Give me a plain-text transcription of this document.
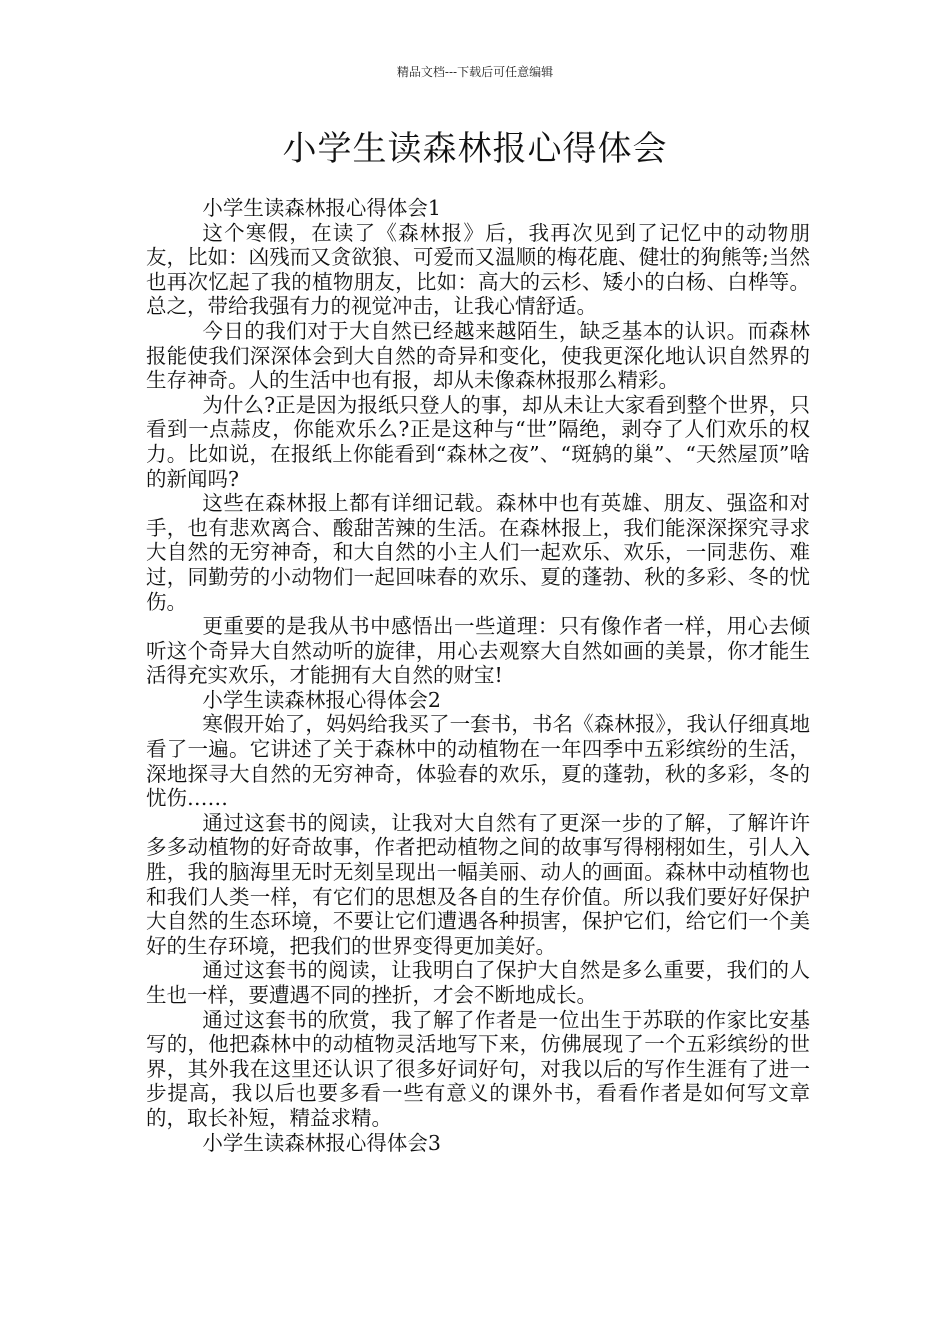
精品文档---下载后可任意编辑
小学生读森林报心得体会

小学生读森林报心得体会1

这个寒假，在读了《森林报》后，我再次见到了记忆中的动物朋友，比如：凶残而又贪欲狼、可爱而又温顺的梅花鹿、健壮的狗熊等;当然也再次忆起了我的植物朋友，比如：高大的云杉、矮小的白杨、白桦等。总之，带给我强有力的视觉冲击，让我心情舒适。

今日的我们对于大自然已经越来越陌生，缺乏基本的认识。而森林报能使我们深深体会到大自然的奇异和变化，使我更深化地认识自然界的生存神奇。人的生活中也有报，却从未像森林报那么精彩。

为什么?正是因为报纸只登人的事，却从未让大家看到整个世界，只看到一点蒜皮，你能欢乐么?正是这种与“世”隔绝，剥夺了人们欢乐的权力。比如说，在报纸上你能看到“森林之夜”、“斑鸫的巢”、“天然屋顶”啥的新闻吗?

这些在森林报上都有详细记载。森林中也有英雄、朋友、强盗和对手，也有悲欢离合、酸甜苦辣的生活。在森林报上，我们能深深探究寻求大自然的无穷神奇，和大自然的小主人们一起欢乐、欢乐，一同悲伤、难过，同勤劳的小动物们一起回味春的欢乐、夏的蓬勃、秋的多彩、冬的忧伤。

更重要的是我从书中感悟出一些道理：只有像作者一样，用心去倾听这个奇异大自然动听的旋律，用心去观察大自然如画的美景，你才能生活得充实欢乐，才能拥有大自然的财宝!

小学生读森林报心得体会2

寒假开始了，妈妈给我买了一套书，书名《森林报》，我认仔细真地看了一遍。它讲述了关于森林中的动植物在一年四季中五彩缤纷的生活，深地探寻大自然的无穷神奇，体验春的欢乐，夏的蓬勃，秋的多彩，冬的忧伤……

通过这套书的阅读，让我对大自然有了更深一步的了解，了解许许多多动植物的好奇故事，作者把动植物之间的故事写得栩栩如生，引人入胜，我的脑海里无时无刻呈现出一幅美丽、动人的画面。森林中动植物也和我们人类一样，有它们的思想及各自的生存价值。所以我们要好好保护大自然的生态环境，不要让它们遭遇各种损害，保护它们，给它们一个美好的生存环境，把我们的世界变得更加美好。

通过这套书的阅读，让我明白了保护大自然是多么重要，我们的人生也一样，要遭遇不同的挫折，才会不断地成长。

通过这套书的欣赏，我了解了作者是一位出生于苏联的作家比安基写的，他把森林中的动植物灵活地写下来，仿佛展现了一个五彩缤纷的世界，其外我在这里还认识了很多好词好句，对我以后的写作生涯有了进一步提高，我以后也要多看一些有意义的课外书，看看作者是如何写文章的，取长补短，精益求精。

小学生读森林报心得体会3
